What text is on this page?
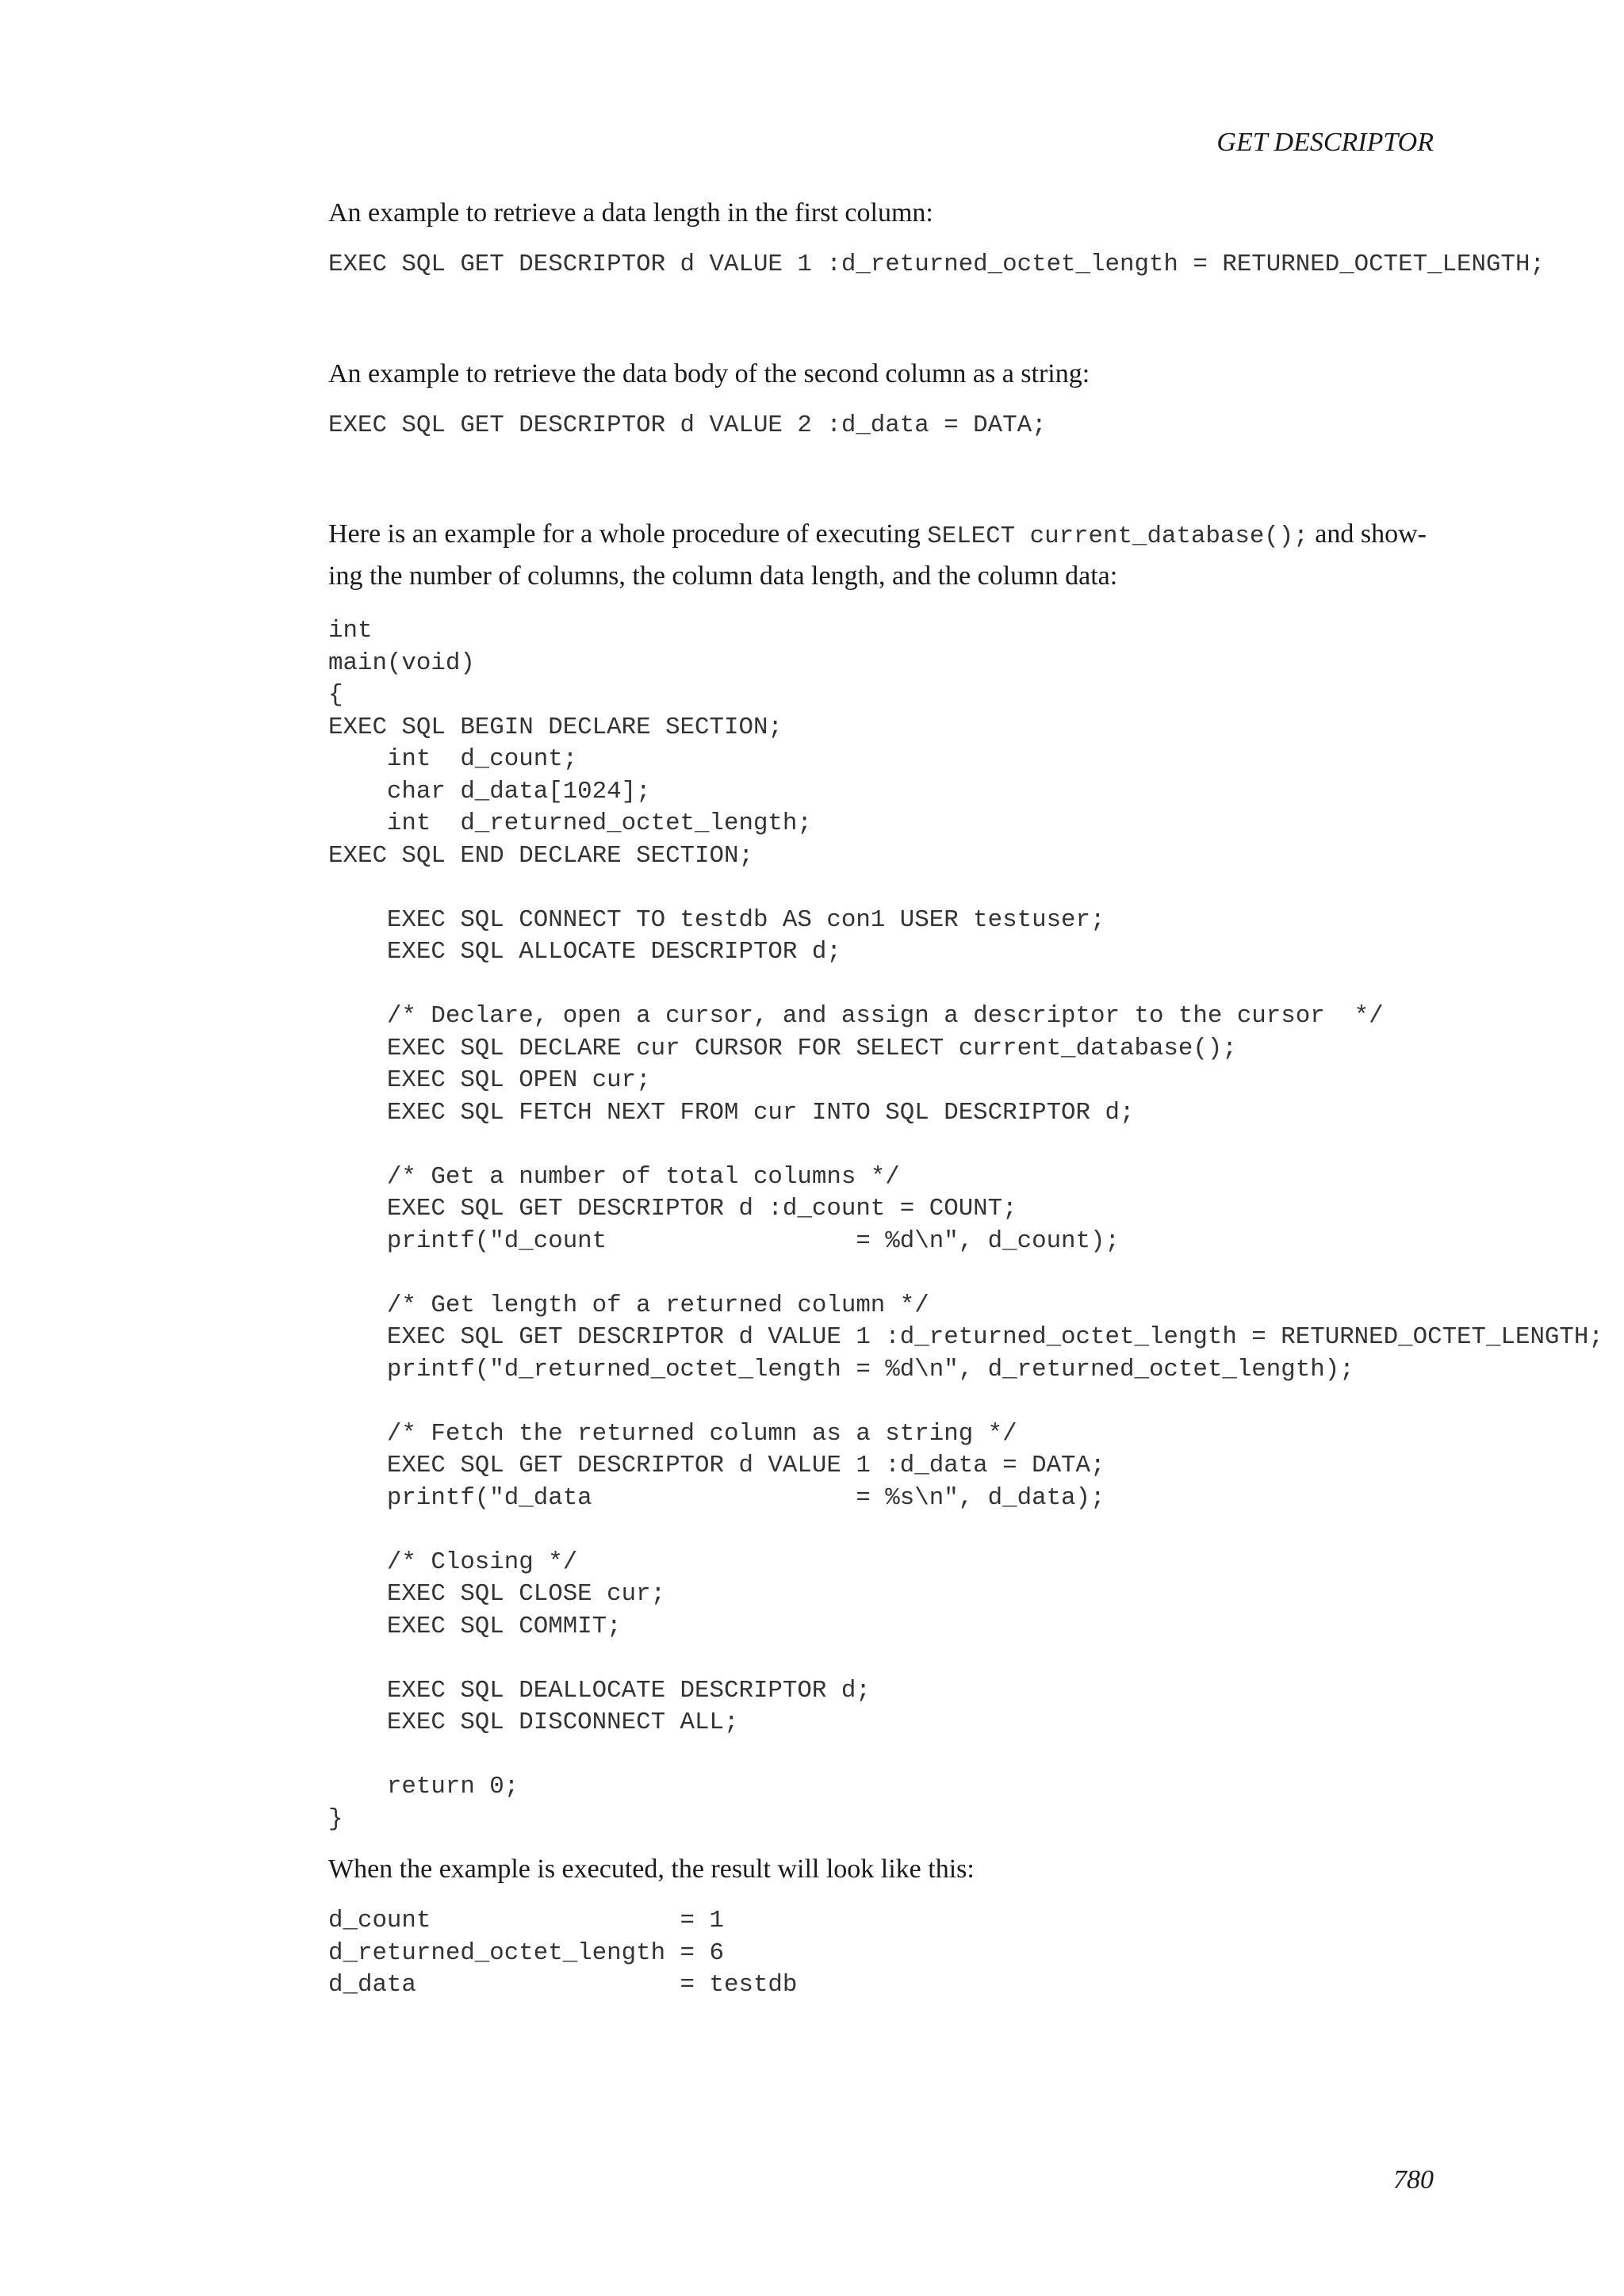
GET DESCRIPTOR

An example to retrieve a data length in the first column:

EXEC SQL GET DESCRIPTOR d VALUE 1 :d_returned_octet_length = RETURNED_OCTET_LENGTH;

An example to retrieve the data body of the second column as a string:

EXEC SQL GET DESCRIPTOR d VALUE 2 :d_data = DATA;

Here is an example for a whole procedure of executing SELECT current_database(); and show-

ing the number of columns, the column data length, and the column data:

int
main(void)
{
EXEC SQL BEGIN DECLARE SECTION;
int  d_count;
char d_data[1024];
int  d_returned_octet_length;
EXEC SQL END DECLARE SECTION;

EXEC SQL CONNECT TO testdb AS con1 USER testuser;
EXEC SQL ALLOCATE DESCRIPTOR d;

/* Declare, open a cursor, and assign a descriptor to the cursor  */
EXEC SQL DECLARE cur CURSOR FOR SELECT current_database();
EXEC SQL OPEN cur;
EXEC SQL FETCH NEXT FROM cur INTO SQL DESCRIPTOR d;

/* Get a number of total columns */
EXEC SQL GET DESCRIPTOR d :d_count = COUNT;
printf("d_count                 = %d\n", d_count);

/* Get length of a returned column */
EXEC SQL GET DESCRIPTOR d VALUE 1 :d_returned_octet_length = RETURNED_OCTET_LENGTH;
printf("d_returned_octet_length = %d\n", d_returned_octet_length);

/* Fetch the returned column as a string */
EXEC SQL GET DESCRIPTOR d VALUE 1 :d_data = DATA;
printf("d_data                  = %s\n", d_data);

/* Closing */
EXEC SQL CLOSE cur;
EXEC SQL COMMIT;

EXEC SQL DEALLOCATE DESCRIPTOR d;
EXEC SQL DISCONNECT ALL;

return 0;
}

When the example is executed, the result will look like this:

d_count                 = 1
d_returned_octet_length = 6
d_data                  = testdb
780
